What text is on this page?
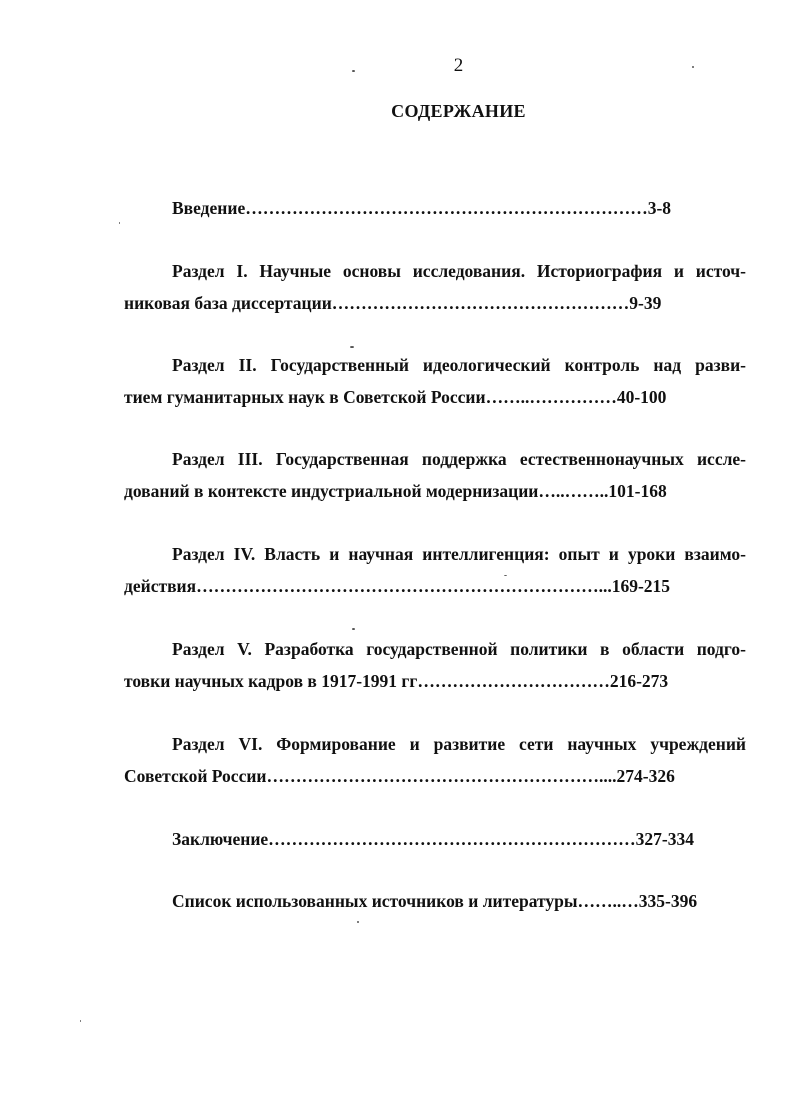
2
СОДЕРЖАНИЕ
Введение……………………………………………………………3-8
Раздел I. Научные основы исследования. Историография и источ-
никовая база диссертации……………………………………………9-39
Раздел II. Государственный идеологический контроль над разви-
тием гуманитарных наук в Советской России……..……………40-100
Раздел III. Государственная поддержка естественнонаучных иссле-
дований в контексте индустриальной модернизации…..……..101-168
Раздел IV. Власть и научная интеллигенция: опыт и уроки взаимо-
действия……………………………………………………………...169-215
Раздел V. Разработка государственной политики в области подго-
товки научных кадров в 1917-1991 гг……………………………216-273
Раздел VI. Формирование и развитие сети научных учреждений
Советской России…………………………………………………....274-326
Заключение………………………………………………………327-334
Список использованных источников и литературы……..…335-396
